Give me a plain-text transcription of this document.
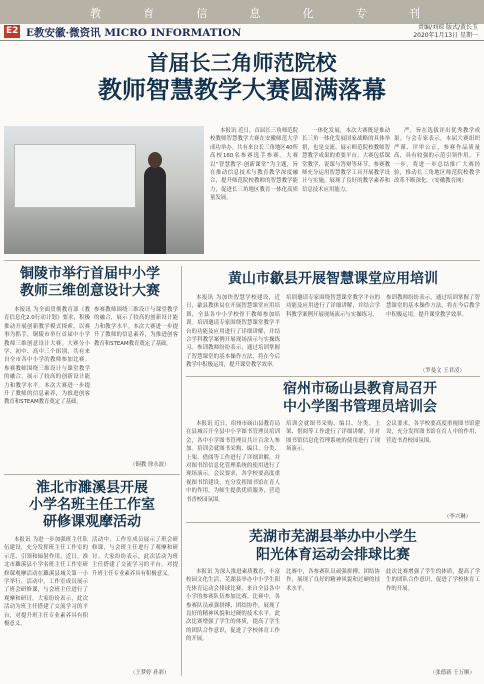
教	育	信	息	化	专	刊
E2 E教安徽·微资讯 MICRO INFORMATION	责编/刘琼 版式/黄长玉
2020年1月13日 星期一
首届长三角师范院校
教师智慧教学大赛圆满落幕

本报讯 近日，首届长三角师范院校教师智慧教学大赛在安徽师范大学成功举办。共有来自长三角地区40所高校160名参赛选手参赛。大赛以“智慧教学·创新课堂”为主题，旨在推动信息技术与教育教学深度融合，提升师范院校教师的智慧教学能力，促进长三角地区教育一体化高质量发展。

一体化发展，本次大赛既是推动长三角一体化发展国家战略的具体举措，也是交流、展示师范院校教师智慧教学成果的重要平台。大赛包括课堂教学、说课与答辩等环节，参赛教师充分运用智慧教学工具开展教学设计与实施，展现了良好的教学素养和信息技术应用能力。

严，旨在选拔评出优秀教学成果。与会专家表示，本届大赛组织严谨、评审公正，参赛作品质量高，具有较强的示范引领作用。下一步，将进一步总结推广大赛经验，推动长三角地区师范院校教学改革不断深化。（安徽教育网）

铜陵市举行首届中小学
教师三维创意设计大赛

本报讯 为全面贯彻教育部《教育信息化2.0行动计划》要求，积极推动开展创新教学模式探索，以赛事为抓手，铜陵市举行首届中小学教师三维创意设计大赛。大赛分小学、初中、高中三个组别，共有来自全市各中小学的教师参加比赛。参赛教师围绕三维设计与课堂教学的融合，展示了较高的创新设计能力和教学水平。本次大赛进一步提升了教师的信息素养，为推进创客教育和STEAM教育奠定了基础。

参赛教师围绕三维设计与课堂教学的融合，展示了较高的创新设计能力和教学水平。本次大赛进一步提升了教师的信息素养，为推进创客教育和STEAM教育奠定了基础。

（铜教 徐永波）
黄山市歙县开展智慧课堂应用培训

本报讯 为加快智慧学校建设，近日，歙县教体局在开展智慧课堂应用培训，全县各中小学校骨干教师参加培训。培训邀请专家围绕智慧课堂教学平台的功能及应用进行了详细讲解，并结合学科教学案例开展现场演示与实操练习。参训教师纷纷表示，通过培训掌握了智慧课堂的基本操作方法，将在今后教学中积极运用，提升课堂教学效率。

培训邀请专家围绕智慧课堂教学平台的功能及应用进行了详细讲解，并结合学科教学案例开展现场演示与实操练习。

参训教师纷纷表示，通过培训掌握了智慧课堂的基本操作方法，将在今后教学中积极运用，提升课堂教学效率。

（罗曼文 王君凌）
宿州市砀山县教育局召开
中小学图书管理员培训会

本报讯 近日，宿州市砀山县教育局在县城召开全县中小学图书管理员培训会，各中小学图书管理员共计百余人参加。培训会就图书采购、编目、分类、上架、借阅等工作进行了详细讲解，并对图书馆信息化管理系统的使用进行了现场演示。会议要求，各学校要高度重视图书馆建设，充分发挥图书馆在育人中的作用，为师生提供优质服务，营造书香校园氛围。

培训会就图书采购、编目、分类、上架、借阅等工作进行了详细讲解，并对图书馆信息化管理系统的使用进行了现场演示。

会议要求，各学校要高度重视图书馆建设，充分发挥图书馆在育人中的作用，营造书香校园氛围。

（李兴琳）
淮北市濉溪县开展
小学名班主任工作室
研修课观摩活动

本报讯 为进一步加强班主任队伍建设，充分发挥班主任工作室的示范、引领和辐射作用，近日，淮北市濉溪县小学名班主任工作室研修课观摩活动在濉溪县城关第一小学举行。活动中，工作室成员展示了班会研修课，与会班主任进行了观摩和研讨。大家纷纷表示，此次活动为班主任搭建了交流学习的平台，对提升班主任专业素养具有积极意义。

活动中，工作室成员展示了班会研修课，与会班主任进行了观摩和研讨。大家纷纷表示，此次活动为班主任搭建了交流学习的平台，对提升班主任专业素养具有积极意义。

（王梦婷 孙彩）
芜湖市芜湖县举办中小学生
阳光体育运动会排球比赛

本报讯 为深入推进素质教育，丰富校园文化生活，芜湖县举办中小学生阳光体育运动会排球比赛，来自全县各中小学的参赛队伍参加比赛。比赛中，各参赛队员顽强拼搏、团结协作，展现了良好的精神风貌和过硬的技术水平。此次比赛增强了学生的体质，提高了学生的团队合作意识，促进了学校体育工作的开展。

比赛中，各参赛队员顽强拼搏、团结协作，展现了良好的精神风貌和过硬的技术水平。

此次比赛增强了学生的体质，提高了学生的团队合作意识，促进了学校体育工作的开展。

（张德新 王万顺）
